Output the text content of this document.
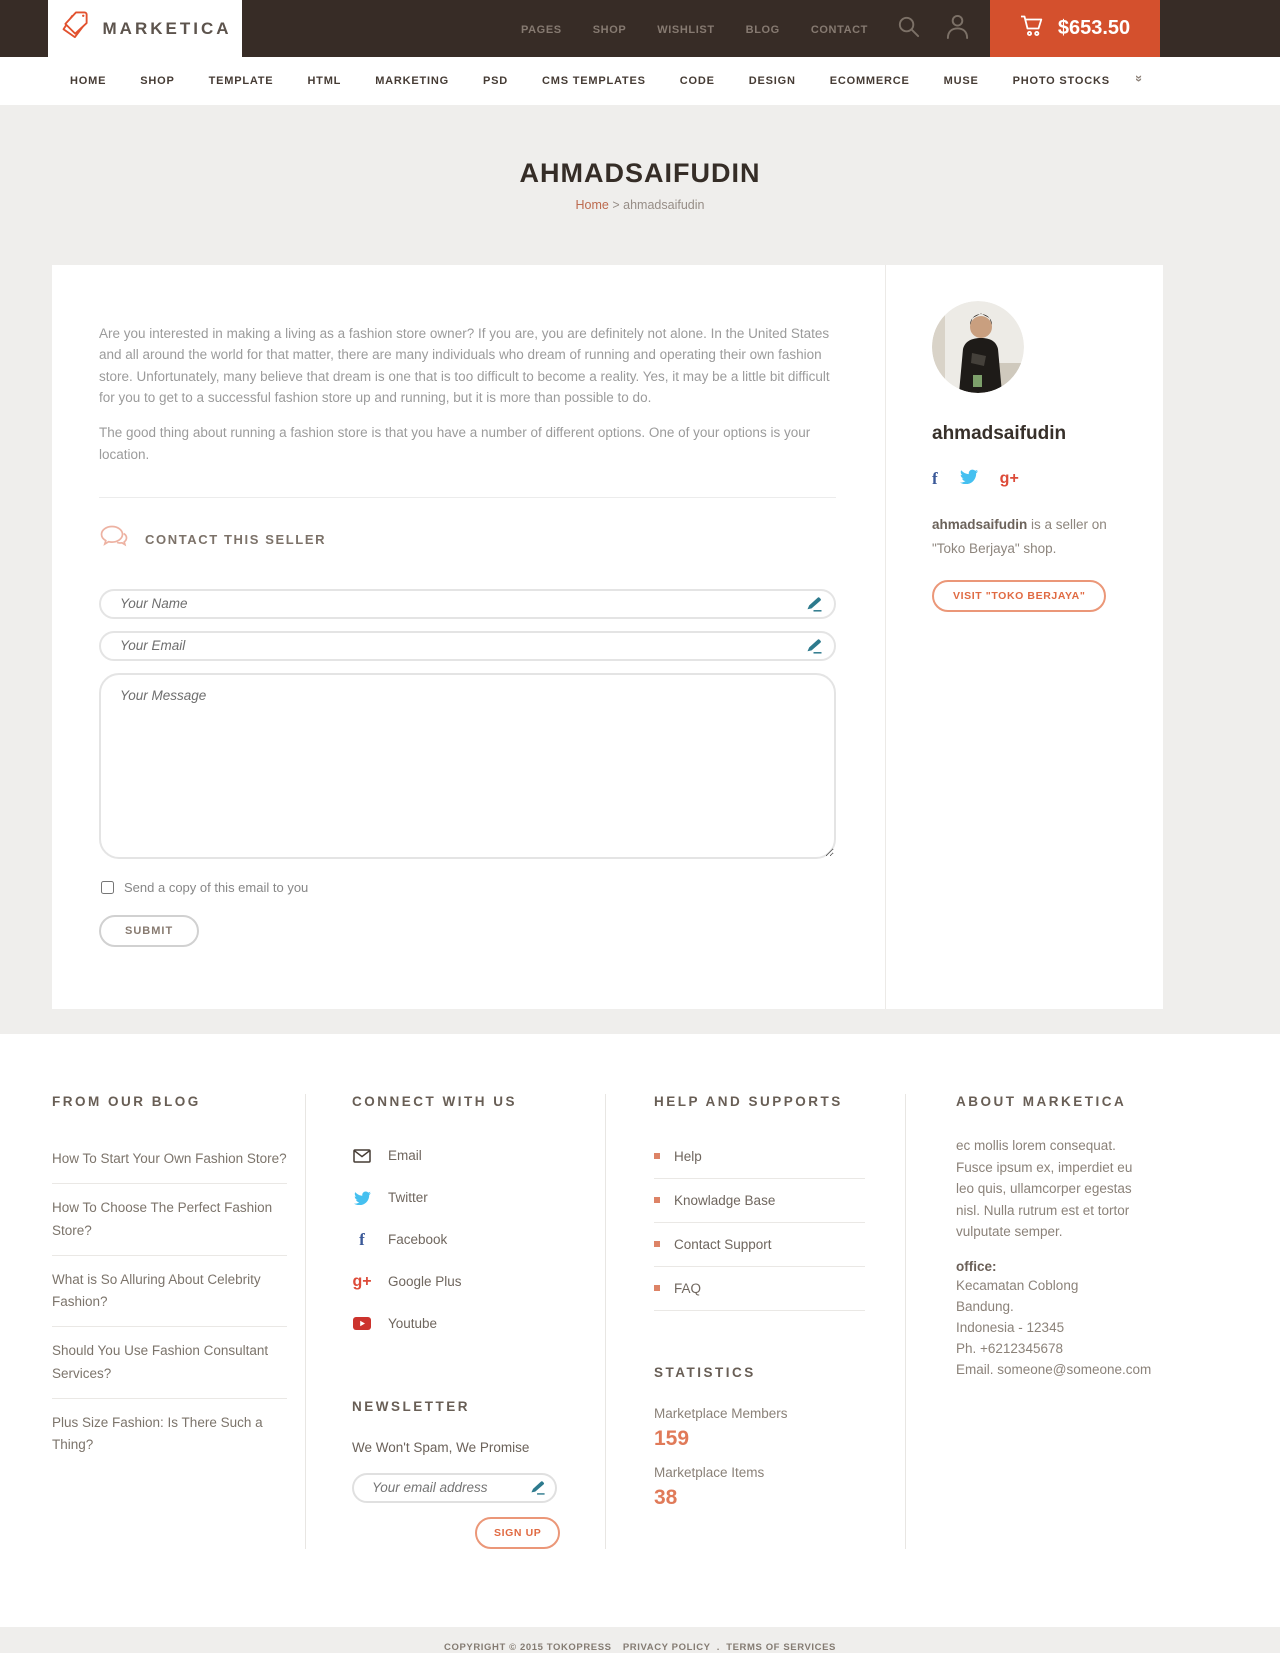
MARKETICA	PAGES	SHOP	WISHLIST	BLOG	CONTACT	$653.50
HOME	SHOP	TEMPLATE	HTML	MARKETING	PSD	CMS TEMPLATES	CODE	DESIGN	ECOMMERCE	MUSE	PHOTO STOCKS »
AHMADSAIFUDIN
Home > ahmadsaifudin

Are you interested in making a living as a fashion store owner? If you are, you are definitely not alone. In the United States and all around the world for that matter, there are many individuals who dream of running and operating their own fashion store. Unfortunately, many believe that dream is one that is too difficult to become a reality. Yes, it may be a little bit difficult for you to get to a successful fashion store up and running, but it is more than possible to do.

The good thing about running a fashion store is that you have a number of different options. One of your options is your location.

CONTACT THIS SELLER
Your Name
Your Email
Your Message
Send a copy of this email to you
SUBMIT
ahmadsaifudin
f	g+

ahmadsaifudin is a seller on "Toko Berjaya" shop.

VISIT "TOKO BERJAYA"
FROM OUR BLOG
How To Start Your Own Fashion Store?
How To Choose The Perfect Fashion Store?
What is So Alluring About Celebrity Fashion?
Should You Use Fashion Consultant Services?
Plus Size Fashion: Is There Such a Thing?
CONNECT WITH US
Email
Twitter
f	Facebook
g+ Google Plus
Youtube
NEWSLETTER
We Won't Spam, We Promise
Your email address
SIGN UP
HELP AND SUPPORTS
Help
Knowladge Base
Contact Support
FAQ
STATISTICS
Marketplace Members
159
Marketplace Items
38
ABOUT MARKETICA

ec mollis lorem consequat. Fusce ipsum ex, imperdiet eu leo quis, ullamcorper egestas nisl. Nulla rutrum est et tortor vulputate semper.

office:
Kecamatan Coblong
Bandung.
Indonesia - 12345
Ph. +6212345678
Email. someone@someone.com
COPYRIGHT © 2015 TOKOPRESS PRIVACY POLICY . TERMS OF SERVICES
